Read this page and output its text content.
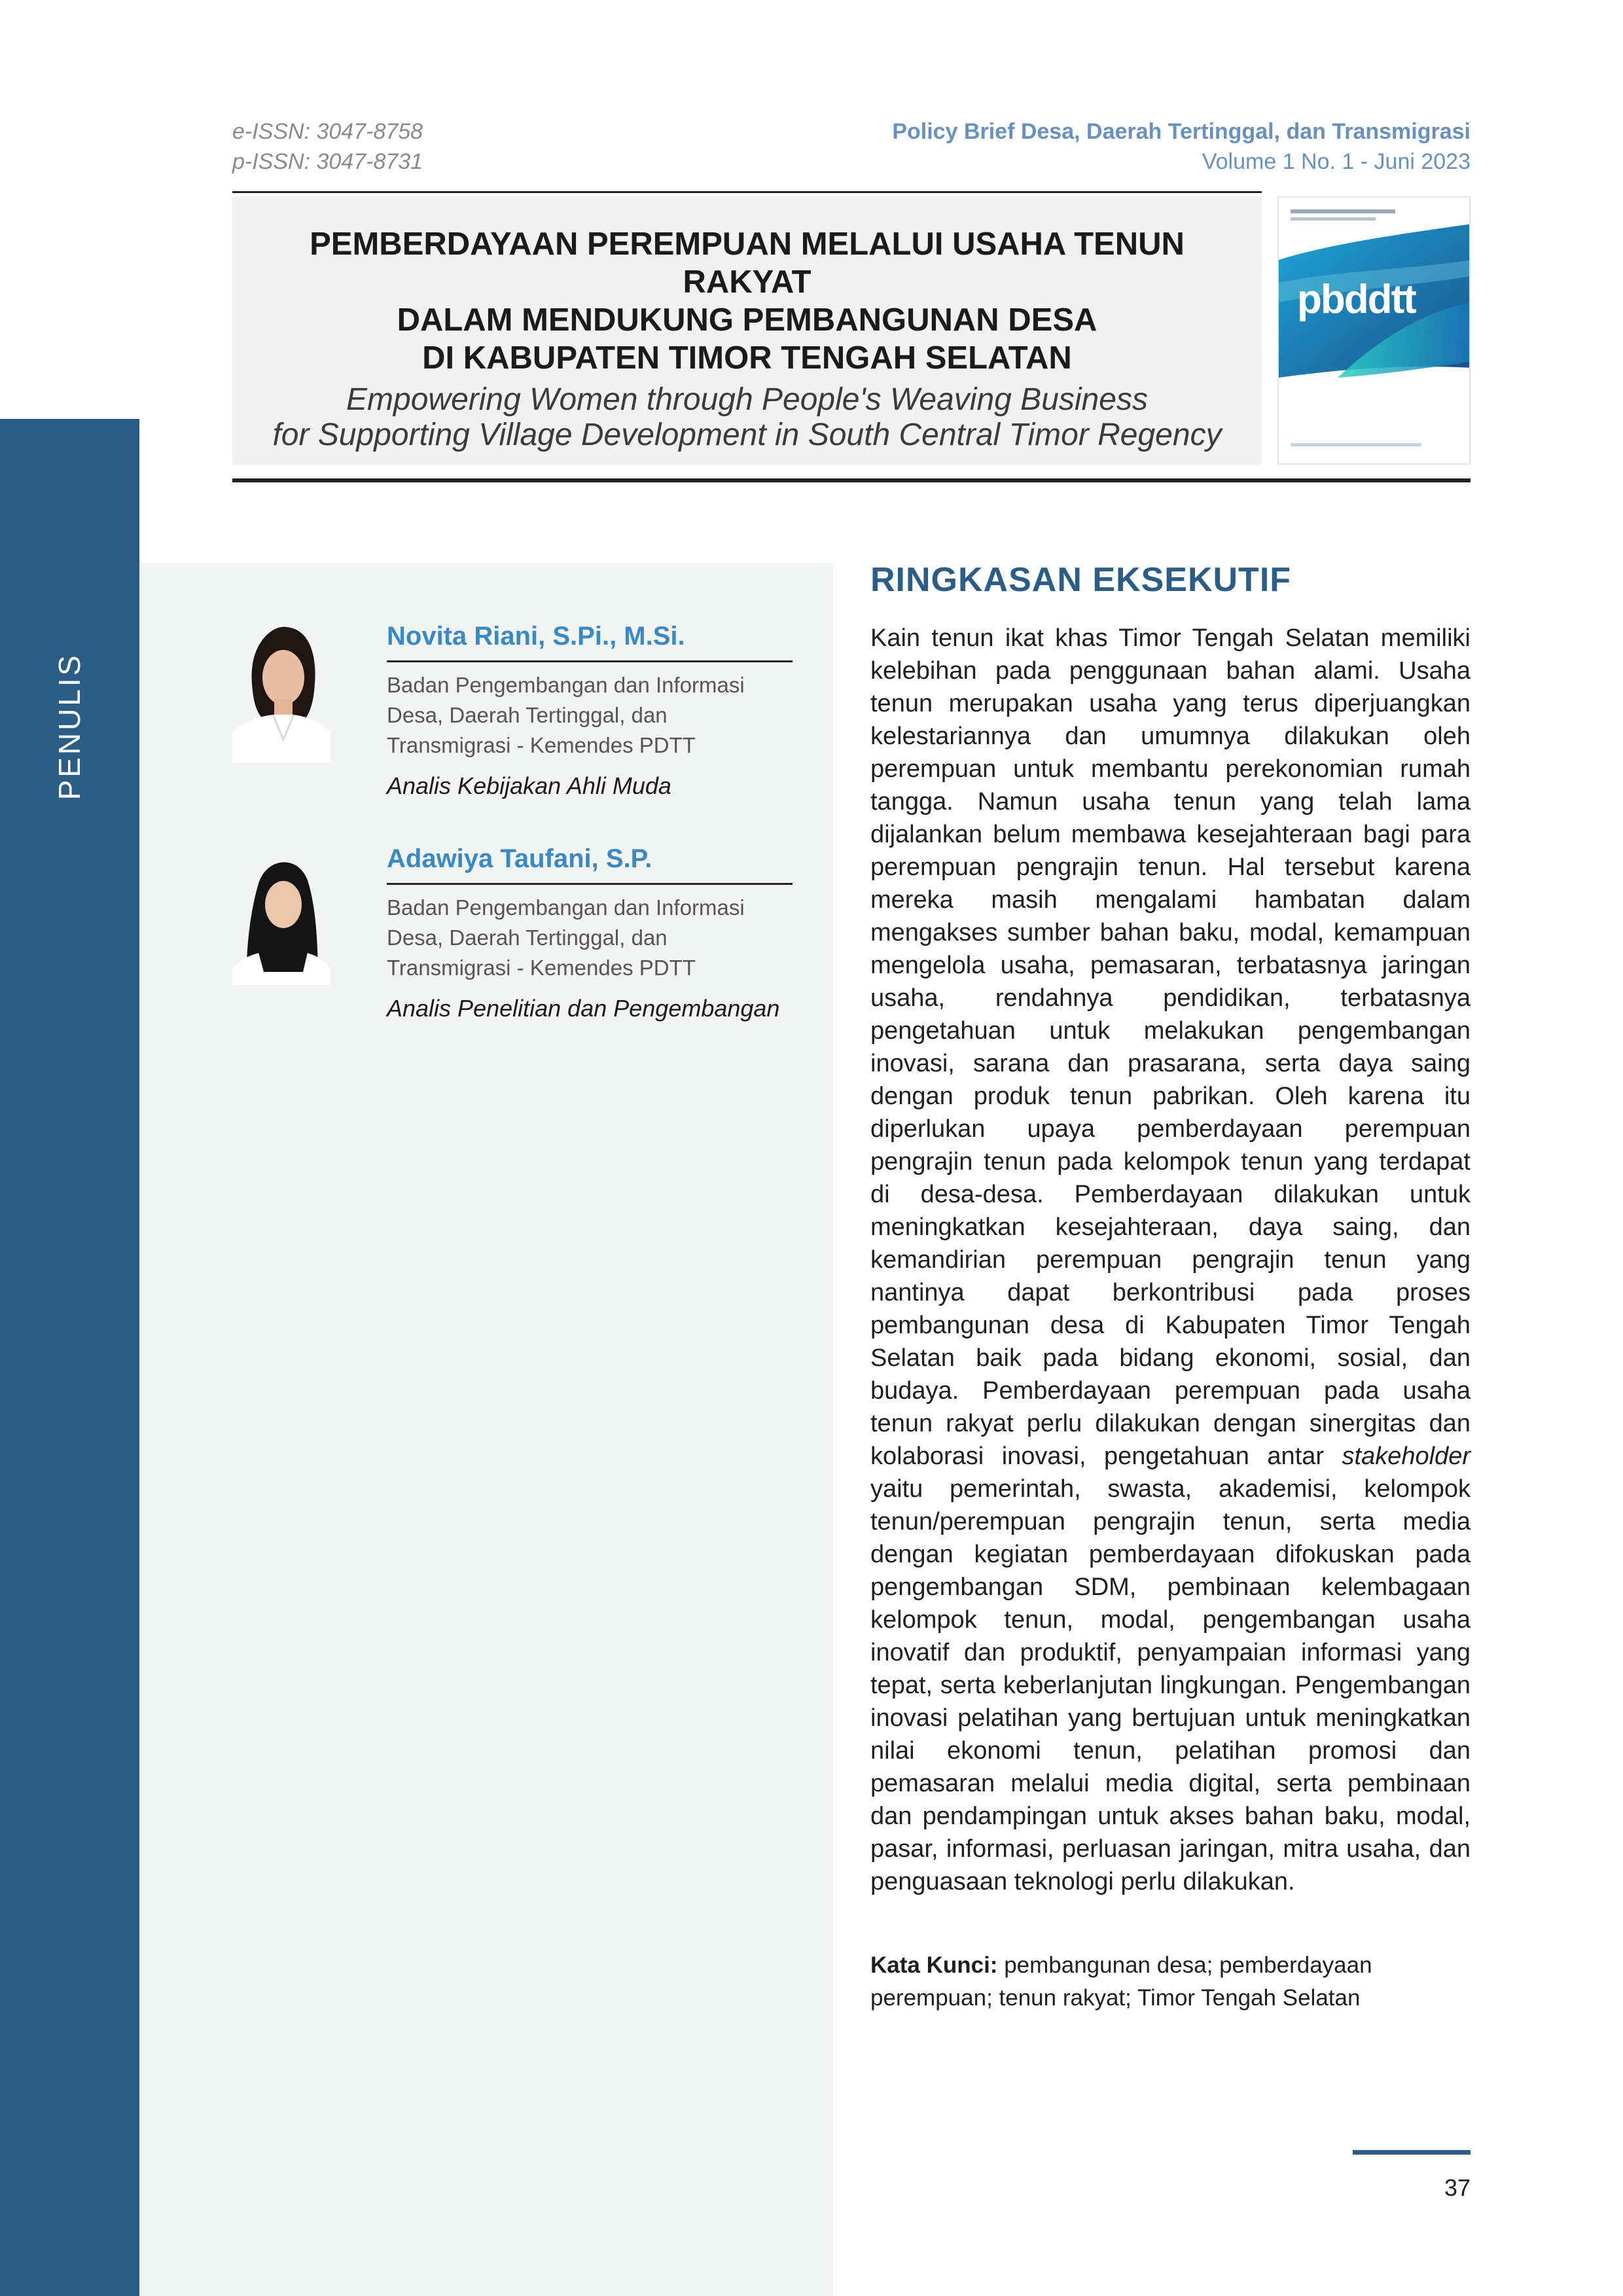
PENULIS
e-ISSN: 3047-8758
p-ISSN: 3047-8731
Policy Brief Desa, Daerah Tertinggal, dan Transmigrasi
Volume 1 No. 1 - Juni 2023
PEMBERDAYAAN PEREMPUAN MELALUI USAHA TENUN RAKYAT
DALAM MENDUKUNG PEMBANGUNAN DESA
DI KABUPATEN TIMOR TENGAH SELATAN
Empowering Women through People's Weaving Business
for Supporting Village Development in South Central Timor Regency
pbddtt
Novita Riani, S.Pi., M.Si.
Badan Pengembangan dan Informasi
Desa, Daerah Tertinggal, dan
Transmigrasi - Kemendes PDTT
Analis Kebijakan Ahli Muda
Adawiya Taufani, S.P.
Badan Pengembangan dan Informasi
Desa, Daerah Tertinggal, dan
Transmigrasi - Kemendes PDTT
Analis Penelitian dan Pengembangan
RINGKASAN EKSEKUTIF
Kain tenun ikat khas Timor Tengah Selatan memiliki kelebihan pada penggunaan bahan alami. Usaha tenun merupakan usaha yang terus diperjuangkan kelestariannya dan umumnya dilakukan oleh perempuan untuk membantu perekonomian rumah tangga. Namun usaha tenun yang telah lama dijalankan belum membawa kesejahteraan bagi para perempuan pengrajin tenun. Hal tersebut karena mereka masih mengalami hambatan dalam mengakses sumber bahan baku, modal, kemampuan mengelola usaha, pemasaran, terbatasnya jaringan usaha, rendahnya pendidikan, terbatasnya pengetahuan untuk melakukan pengembangan inovasi, sarana dan prasarana, serta daya saing dengan produk tenun pabrikan. Oleh karena itu diperlukan upaya pemberdayaan perempuan pengrajin tenun pada kelompok tenun yang terdapat di desa-desa. Pemberdayaan dilakukan untuk meningkatkan kesejahteraan, daya saing, dan kemandirian perempuan pengrajin tenun yang nantinya dapat berkontribusi pada proses pembangunan desa di Kabupaten Timor Tengah Selatan baik pada bidang ekonomi, sosial, dan budaya. Pemberdayaan perempuan pada usaha tenun rakyat perlu dilakukan dengan sinergitas dan kolaborasi inovasi, pengetahuan antar stakeholder yaitu pemerintah, swasta, akademisi, kelompok tenun/perempuan pengrajin tenun, serta media dengan kegiatan pemberdayaan difokuskan pada pengembangan SDM, pembinaan kelembagaan kelompok tenun, modal, pengembangan usaha inovatif dan produktif, penyampaian informasi yang tepat, serta keberlanjutan lingkungan. Pengembangan inovasi pelatihan yang bertujuan untuk meningkatkan nilai ekonomi tenun, pelatihan promosi dan pemasaran melalui media digital, serta pembinaan dan pendampingan untuk akses bahan baku, modal, pasar, informasi, perluasan jaringan, mitra usaha, dan penguasaan teknologi perlu dilakukan.
Kata Kunci: pembangunan desa; pemberdayaan perempuan; tenun rakyat; Timor Tengah Selatan
37
